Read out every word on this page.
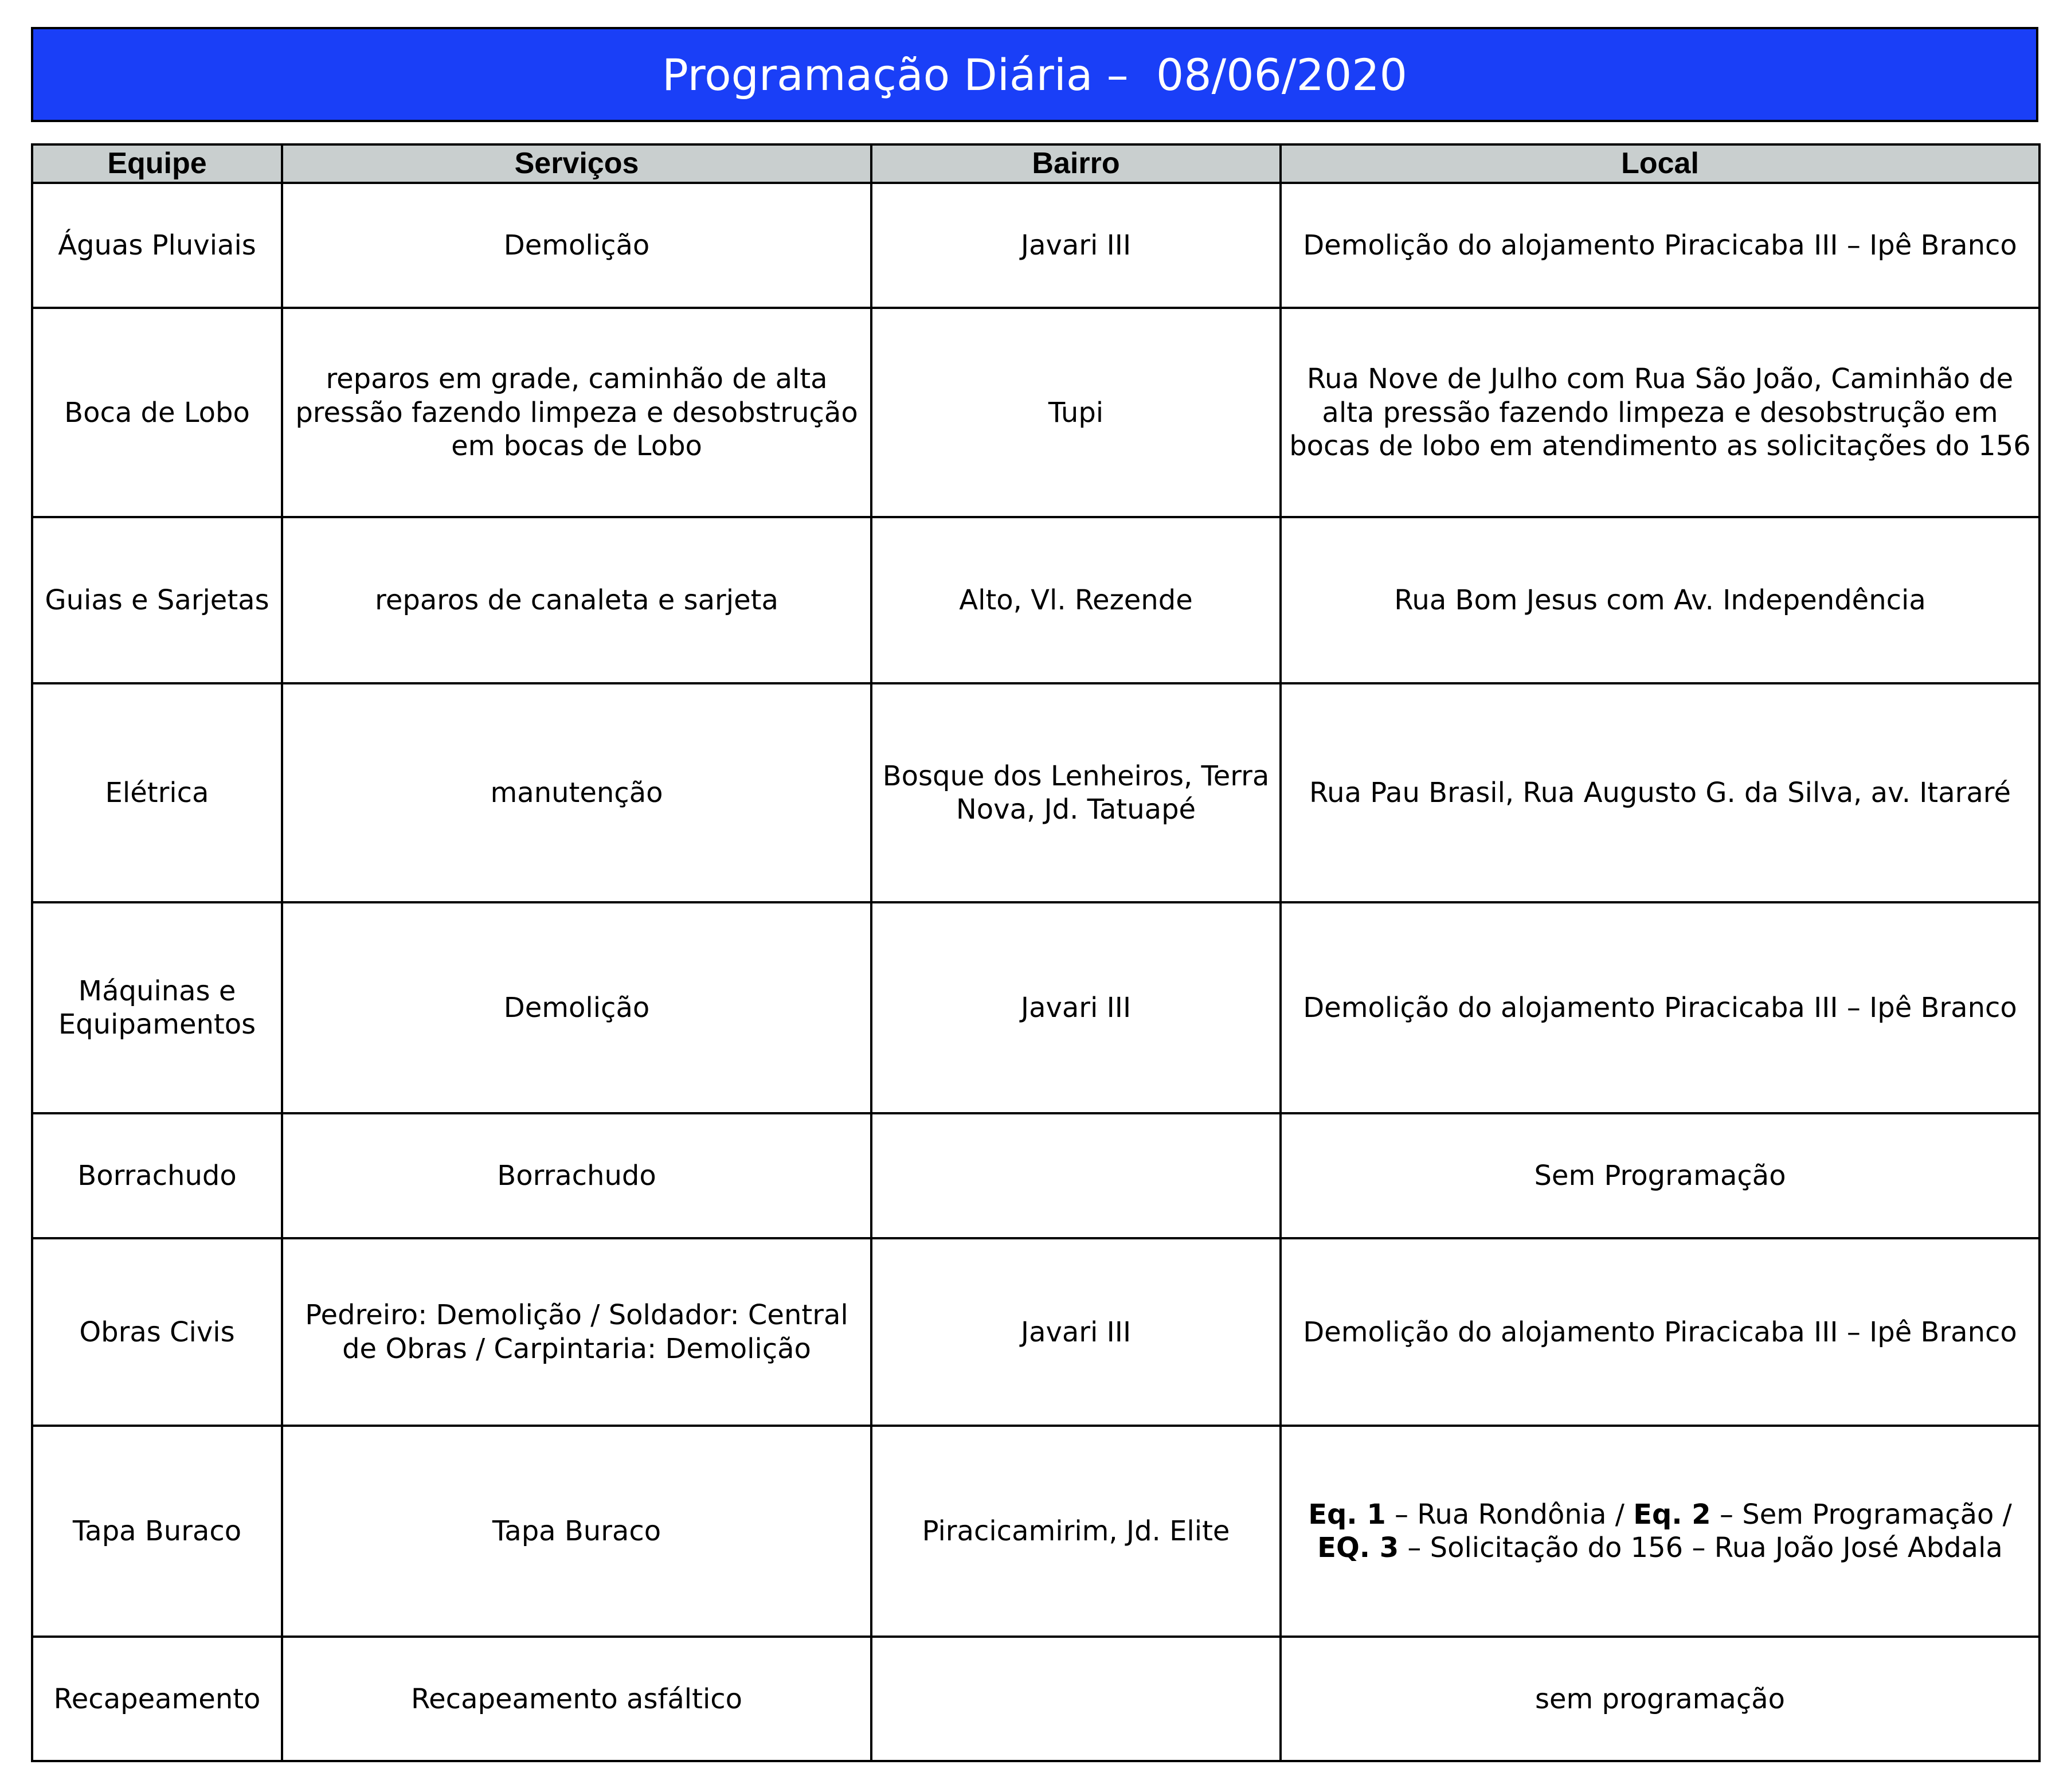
Programação Diária –  08/06/2020
Equipe	Serviços	Bairro	Local
Águas Pluviais	Demolição	Javari III	Demolição do alojamento Piracicaba III – Ipê Branco
Boca de Lobo	reparos em grade, caminhão de alta pressão fazendo limpeza e desobstrução em bocas de Lobo	Tupi	Rua Nove de Julho com Rua São João, Caminhão de alta pressão fazendo limpeza e desobstrução em bocas de lobo em atendimento as solicitações do 156
Guias e Sarjetas	reparos de canaleta e sarjeta	Alto, Vl. Rezende	Rua Bom Jesus com Av. Independência
Elétrica	manutenção	Bosque dos Lenheiros, Terra Nova, Jd. Tatuapé	Rua Pau Brasil, Rua Augusto G. da Silva, av. Itararé
Máquinas e Equipamentos	Demolição	Javari III	Demolição do alojamento Piracicaba III – Ipê Branco
Borrachudo	Borrachudo		Sem Programação
Obras Civis	Pedreiro: Demolição / Soldador: Central de Obras / Carpintaria: Demolição	Javari III	Demolição do alojamento Piracicaba III – Ipê Branco
Tapa Buraco	Tapa Buraco	Piracicamirim, Jd. Elite	Eq. 1 – Rua Rondônia / Eq. 2 – Sem Programação / EQ. 3 – Solicitação do 156 – Rua João José Abdala
Recapeamento	Recapeamento asfáltico		sem programação
